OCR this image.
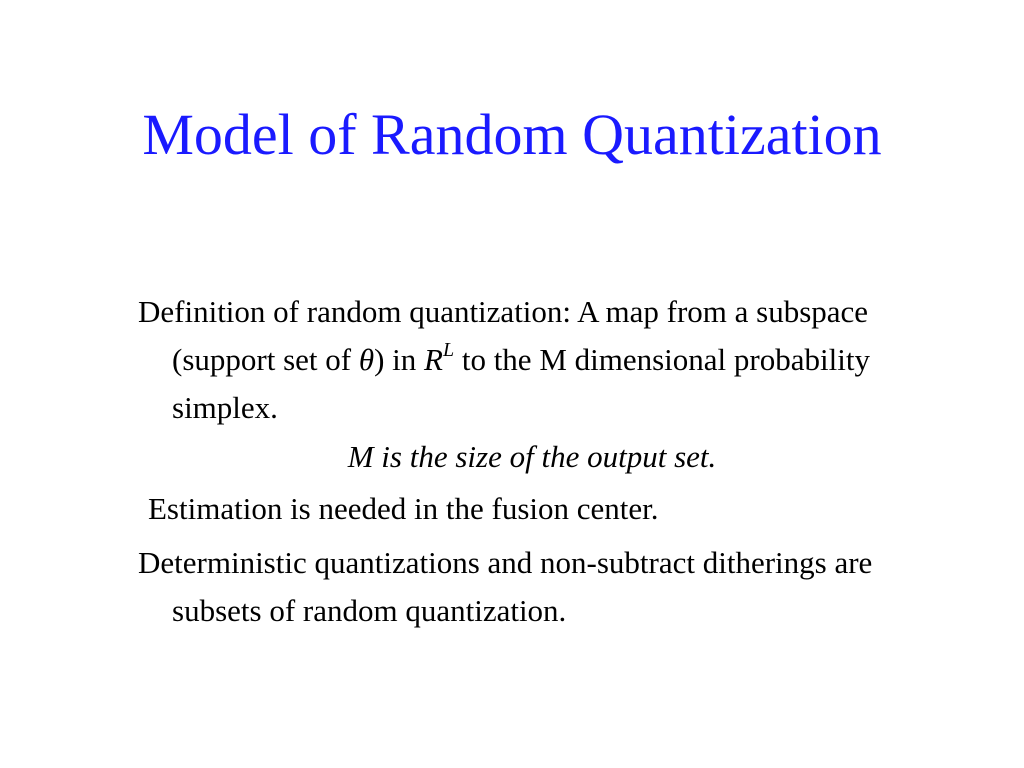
Model of Random Quantization

Definition of random quantization: A map from a subspace (support set of θ) in $R^L$ to the M dimensional probability simplex.

M is the size of the output set.

Estimation is needed in the fusion center.

Deterministic quantizations and non-subtract ditherings are subsets of random quantization.
